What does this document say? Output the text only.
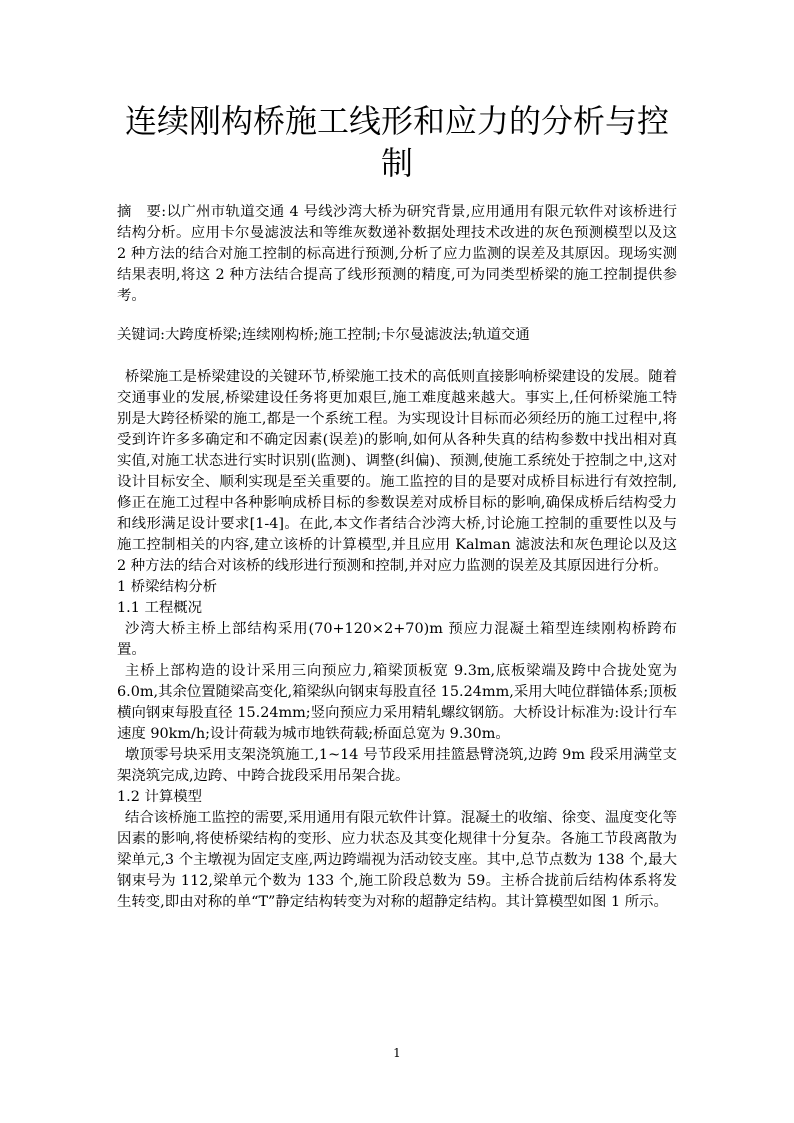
连续刚构桥施工线形和应力的分析与控制

摘　要:以广州市轨道交通 4 号线沙湾大桥为研究背景,应用通用有限元软件对该桥进行结构分析。应用卡尔曼滤波法和等维灰数递补数据处理技术改进的灰色预测模型以及这 2 种方法的结合对施工控制的标高进行预测,分析了应力监测的误差及其原因。现场实测结果表明,将这 2 种方法结合提高了线形预测的精度,可为同类型桥梁的施工控制提供参考。

关键词:大跨度桥梁;连续刚构桥;施工控制;卡尔曼滤波法;轨道交通

桥梁施工是桥梁建设的关键环节,桥梁施工技术的高低则直接影响桥梁建设的发展。随着交通事业的发展,桥梁建设任务将更加艰巨,施工难度越来越大。事实上,任何桥梁施工特别是大跨径桥梁的施工,都是一个系统工程。为实现设计目标而必须经历的施工过程中,将受到许许多多确定和不确定因素(误差)的影响,如何从各种失真的结构参数中找出相对真实值,对施工状态进行实时识别(监测)、调整(纠偏)、预测,使施工系统处于控制之中,这对设计目标安全、顺利实现是至关重要的。施工监控的目的是要对成桥目标进行有效控制,修正在施工过程中各种影响成桥目标的参数误差对成桥目标的影响,确保成桥后结构受力和线形满足设计要求[1-4]。在此,本文作者结合沙湾大桥,讨论施工控制的重要性以及与施工控制相关的内容,建立该桥的计算模型,并且应用 Kalman 滤波法和灰色理论以及这 2 种方法的结合对该桥的线形进行预测和控制,并对应力监测的误差及其原因进行分析。

1 桥梁结构分析

1.1 工程概况

沙湾大桥主桥上部结构采用(70+120×2+70)m 预应力混凝土箱型连续刚构桥跨布置。

主桥上部构造的设计采用三向预应力,箱梁顶板宽 9.3m,底板梁端及跨中合拢处宽为 6.0m,其余位置随梁高变化,箱梁纵向钢束每股直径 15.24mm,采用大吨位群锚体系;顶板横向钢束每股直径 15.24mm;竖向预应力采用精轧螺纹钢筋。大桥设计标准为:设计行车速度 90km/h;设计荷载为城市地铁荷载;桥面总宽为 9.30m。

墩顶零号块采用支架浇筑施工,1~14 号节段采用挂篮悬臂浇筑,边跨 9m 段采用满堂支架浇筑完成,边跨、中跨合拢段采用吊架合拢。

1.2 计算模型

结合该桥施工监控的需要,采用通用有限元软件计算。混凝土的收缩、徐变、温度变化等因素的影响,将使桥梁结构的变形、应力状态及其变化规律十分复杂。各施工节段离散为梁单元,3 个主墩视为固定支座,两边跨端视为活动铰支座。其中,总节点数为 138 个,最大钢束号为 112,梁单元个数为 133 个,施工阶段总数为 59。主桥合拢前后结构体系将发生转变,即由对称的单“T”静定结构转变为对称的超静定结构。其计算模型如图 1 所示。

1
